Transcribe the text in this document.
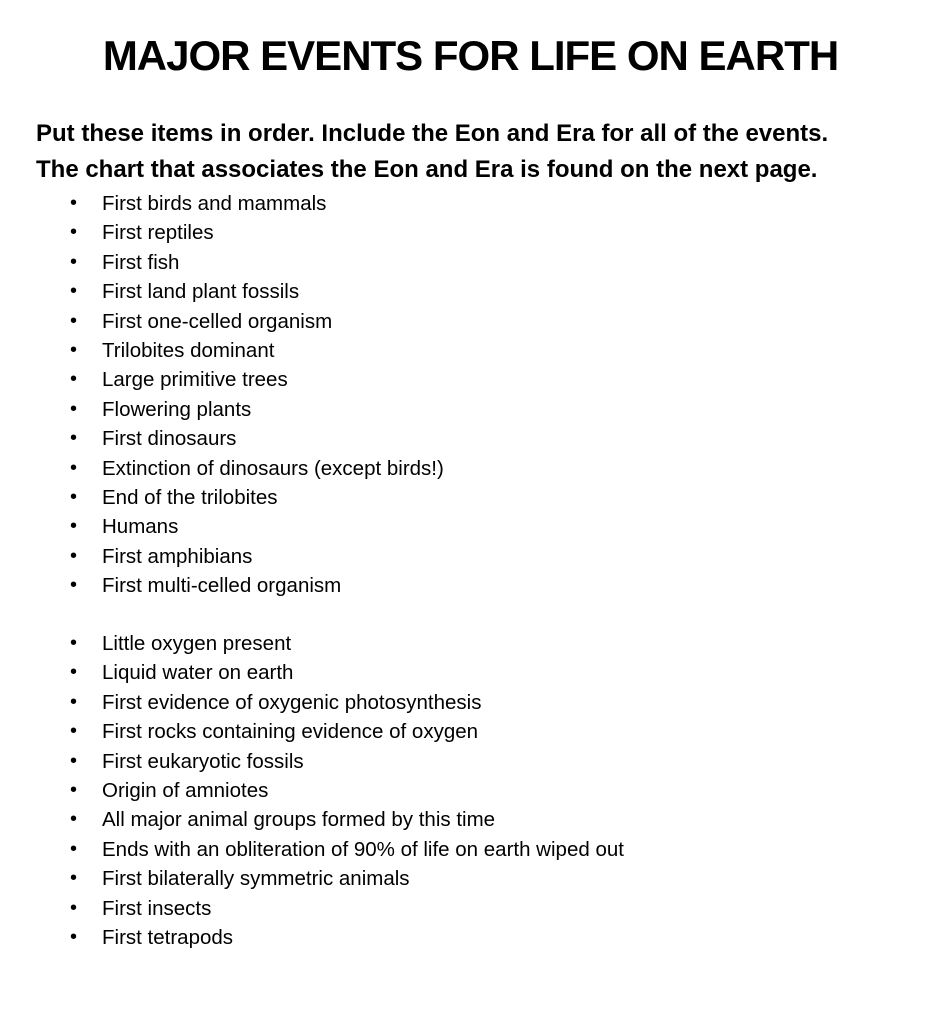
MAJOR EVENTS FOR LIFE ON EARTH
Put these items in order. Include the Eon and Era for all of the events.
The chart that associates the Eon and Era is found on the next page.
• First birds and mammals
• First reptiles
• First fish
• First land plant fossils
• First one-celled organism
• Trilobites dominant
• Large primitive trees
• Flowering plants
• First dinosaurs
• Extinction of dinosaurs (except birds!)
• End of the trilobites
• Humans
• First amphibians
• First multi-celled organism
• Little oxygen present
• Liquid water on earth
• First evidence of oxygenic photosynthesis
• First rocks containing evidence of oxygen
• First eukaryotic fossils
• Origin of amniotes
• All major animal groups formed by this time
• Ends with an obliteration of 90% of life on earth wiped out
• First bilaterally symmetric animals
• First insects
• First tetrapods
